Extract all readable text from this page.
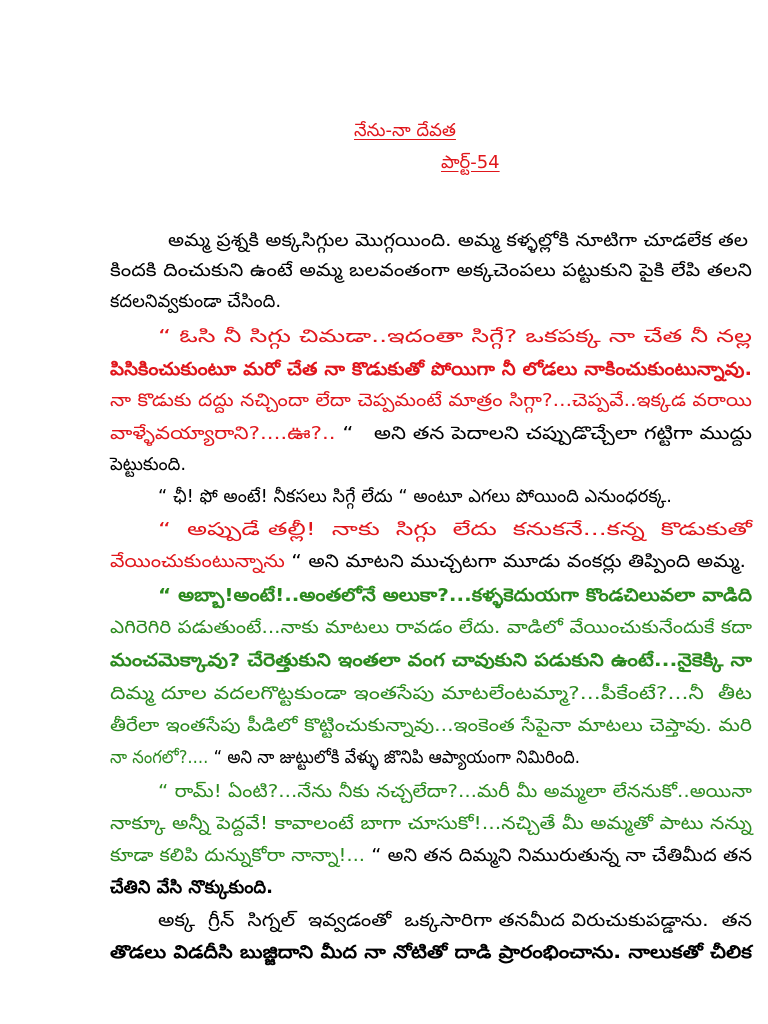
నేను-నా దేవత
పార్ట్-54
అమ్మ ప్రశ్నకి అక్కసిగ్గుల మొగ్గయింది. అమ్మ కళ్ళల్లోకి నూటిగా చూడలేక తల
కిందకి దించుకుని ఉంటే అమ్మ బలవంతంగా అక్కచెంపలు పట్టుకుని పైకి లేపి తలని
కదలనివ్వకుండా చేసింది.
“ ఓసి నీ సిగ్గు చిమడా..ఇదంతా సిగ్గే? ఒకపక్క నా చేత నీ నల్ల
పిసికించుకుంటూ మరో చేత నా కొడుకుతో పోయిగా నీ లోడలు నాకించుకుంటున్నావు.
నా కొడుకు దద్దు నచ్చిందా లేదా చెప్పమంటే మాత్రం సిగ్గా?...చెప్పవే..ఇక్కడ వరాయి
వాళ్ళేవయ్యారాని?....ఊ?.. “   అని తన పెదాలని చప్పుడొచ్చేలా గట్టిగా ముద్దు
పెట్టుకుంది.
“ ఛీ! ఫో అంటే! నీకసలు సిగ్గే లేదు “ అంటూ ఎగలు పోయింది ఎనుంధరక్క.
“  అప్పుడే తల్లీ!  నాకు  సిగ్గు  లేదు  కనుకనే...కన్న  కొడుకుతో
వేయించుకుంటున్నాను “ అని మాటని ముచ్చటగా మూడు వంకర్లు తిప్పింది అమ్మ.
“ అబ్బా!అంటే!..అంతలోనే అలుకా?...కళ్ళకెదుయగా కొండచిలువలా వాడిది
ఎగిరెగిరి పడుతుంటే...నాకు మాటలు రావడం లేదు. వాడిలో వేయించుకునేందుకే కదా
మంచమెక్కావు? చేరెత్తుకుని ఇంతలా వంగ చావుకుని పడుకుని ఉంటే...నైకెక్కి నా
దిమ్మ దూల వదలగొట్టకుండా ఇంతసేపు మాటలేంటమ్మా?...పీకేంటే?...నీ  తీట
తీరేలా ఇంతసేపు పీడిలో కొట్టించుకున్నావు...ఇంకెంత సేపైనా మాటలు చెప్తావు. మరి
నా నంగలో?.... “ అని నా జుట్టులోకి వేళ్ళు జొనిపి ఆప్యాయంగా నిమిరింది.
“ రామ్! ఏంటి?...నేను నీకు నచ్చలేదా?...మరీ మీ అమ్మలా లేననుకో..అయినా
నాక్కూ అన్నీ పెద్దవే! కావాలంటే బాగా చూసుకో!...నచ్చితే మీ అమ్మతో పాటు నన్ను
కూడా కలిపి దున్నుకోరా నాన్నా!... “ అని తన దిమ్మని నిమురుతున్న నా చేతిమీద తన
చేతిని వేసి నొక్కుకుంది.
అక్క  గ్రీన్  సిగ్నల్  ఇవ్వడంతో  ఒక్కసారిగా తనమీద విరుచుకుపడ్డాను.  తన
తొడలు విడదీసి బుజ్జిదాని మీద నా నోటితో దాడి ప్రారంభించాను. నాలుకతో చీలిక
